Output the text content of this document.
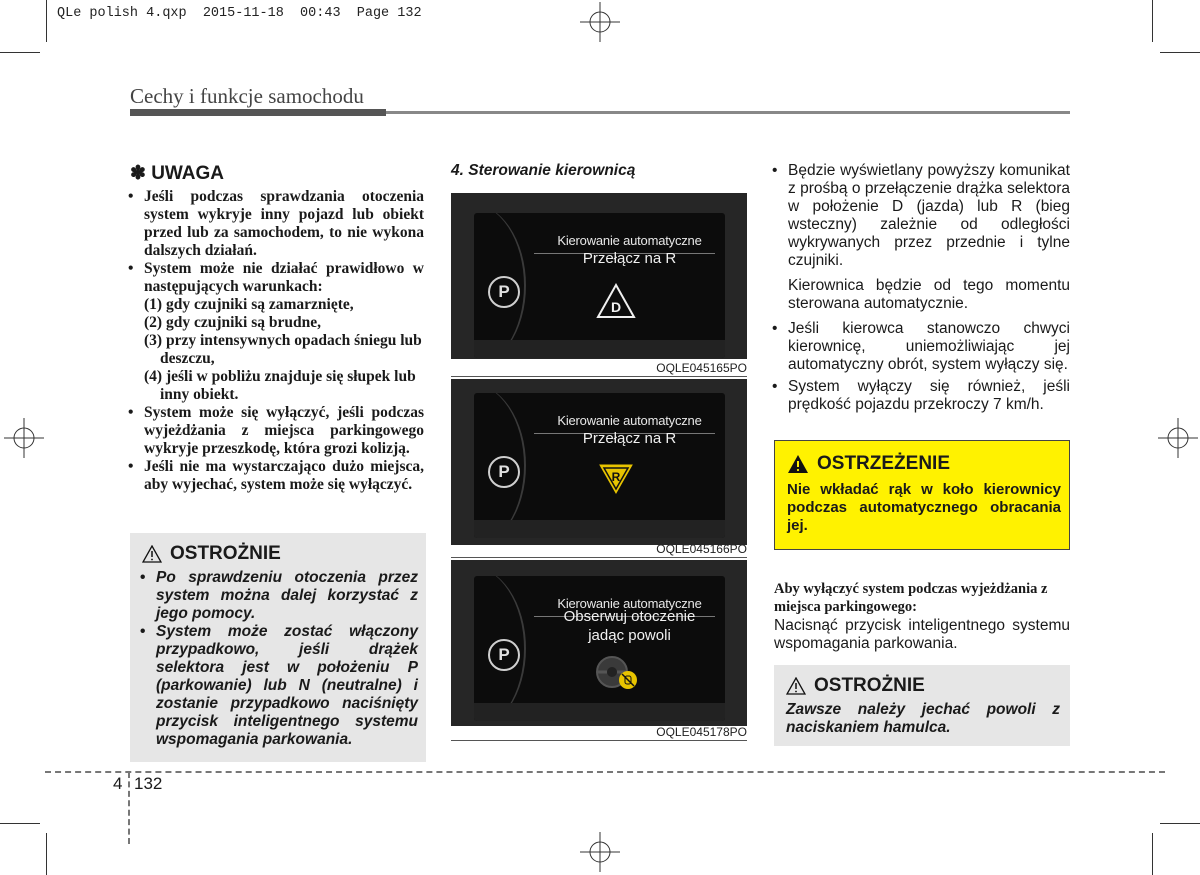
QLe polish 4.qxp  2015-11-18  00:43  Page 132
Cechy i funkcje samochodu
✽ UWAGA
• Jeśli podczas sprawdzania otoczenia system wykryje inny pojazd lub obiekt przed lub za samochodem, to nie wykona dalszych działań.
• System może nie działać prawidłowo w następujących warunkach:
(1) gdy czujniki są zamarznięte,
(2) gdy czujniki są brudne,
(3) przy intensywnych opadach śniegu lub deszczu,
(4) jeśli w pobliżu znajduje się słupek lub inny obiekt.
• System może się wyłączyć, jeśli podczas wyjeżdżania z miejsca parkingowego wykryje przeszkodę, która grozi kolizją.
• Jeśli nie ma wystarczająco dużo miejsca, aby wyjechać, system może się wyłączyć.
OSTROŻNIE
• Po sprawdzeniu otoczenia przez system można dalej korzystać z jego pomocy.
• System może zostać włączony przypadkowo, jeśli drążek selektora jest w położeniu P (parkowanie) lub N (neutralne) i zostanie przypadkowo naciśnięty przycisk inteligentnego systemu wspomagania parkowania.
4. Sterowanie kierownicą
P
Kierowanie automatyczne
Przełącz na R
D
OQLE045165PO
P
Kierowanie automatyczne
Przełącz na R
R
OQLE045166PO
P
Kierowanie automatyczne
Obserwuj otoczenie
jadąc powoli
OQLE045178PO
• Będzie wyświetlany powyższy komunikat z prośbą o przełączenie drążka selektora w położenie D (jazda) lub R (bieg wsteczny) zależnie od odległości wykrywanych przez przednie i tylne czujniki.
Kierownica będzie od tego momentu sterowana automatycznie.
• Jeśli kierowca stanowczo chwyci kierownicę, uniemożliwiając jej automatyczny obrót, system wyłączy się.
• System wyłączy się również, jeśli prędkość pojazdu przekroczy 7 km/h.
OSTRZEŻENIE
Nie wkładać rąk w koło kierownicy podczas automatycznego obracania jej.
Aby wyłączyć system podczas wyjeżdżania z miejsca parkingowego:
Nacisnąć przycisk inteligentnego systemu wspomagania parkowania.
OSTROŻNIE
Zawsze należy jechać powoli z naciskaniem hamulca.
4 132
